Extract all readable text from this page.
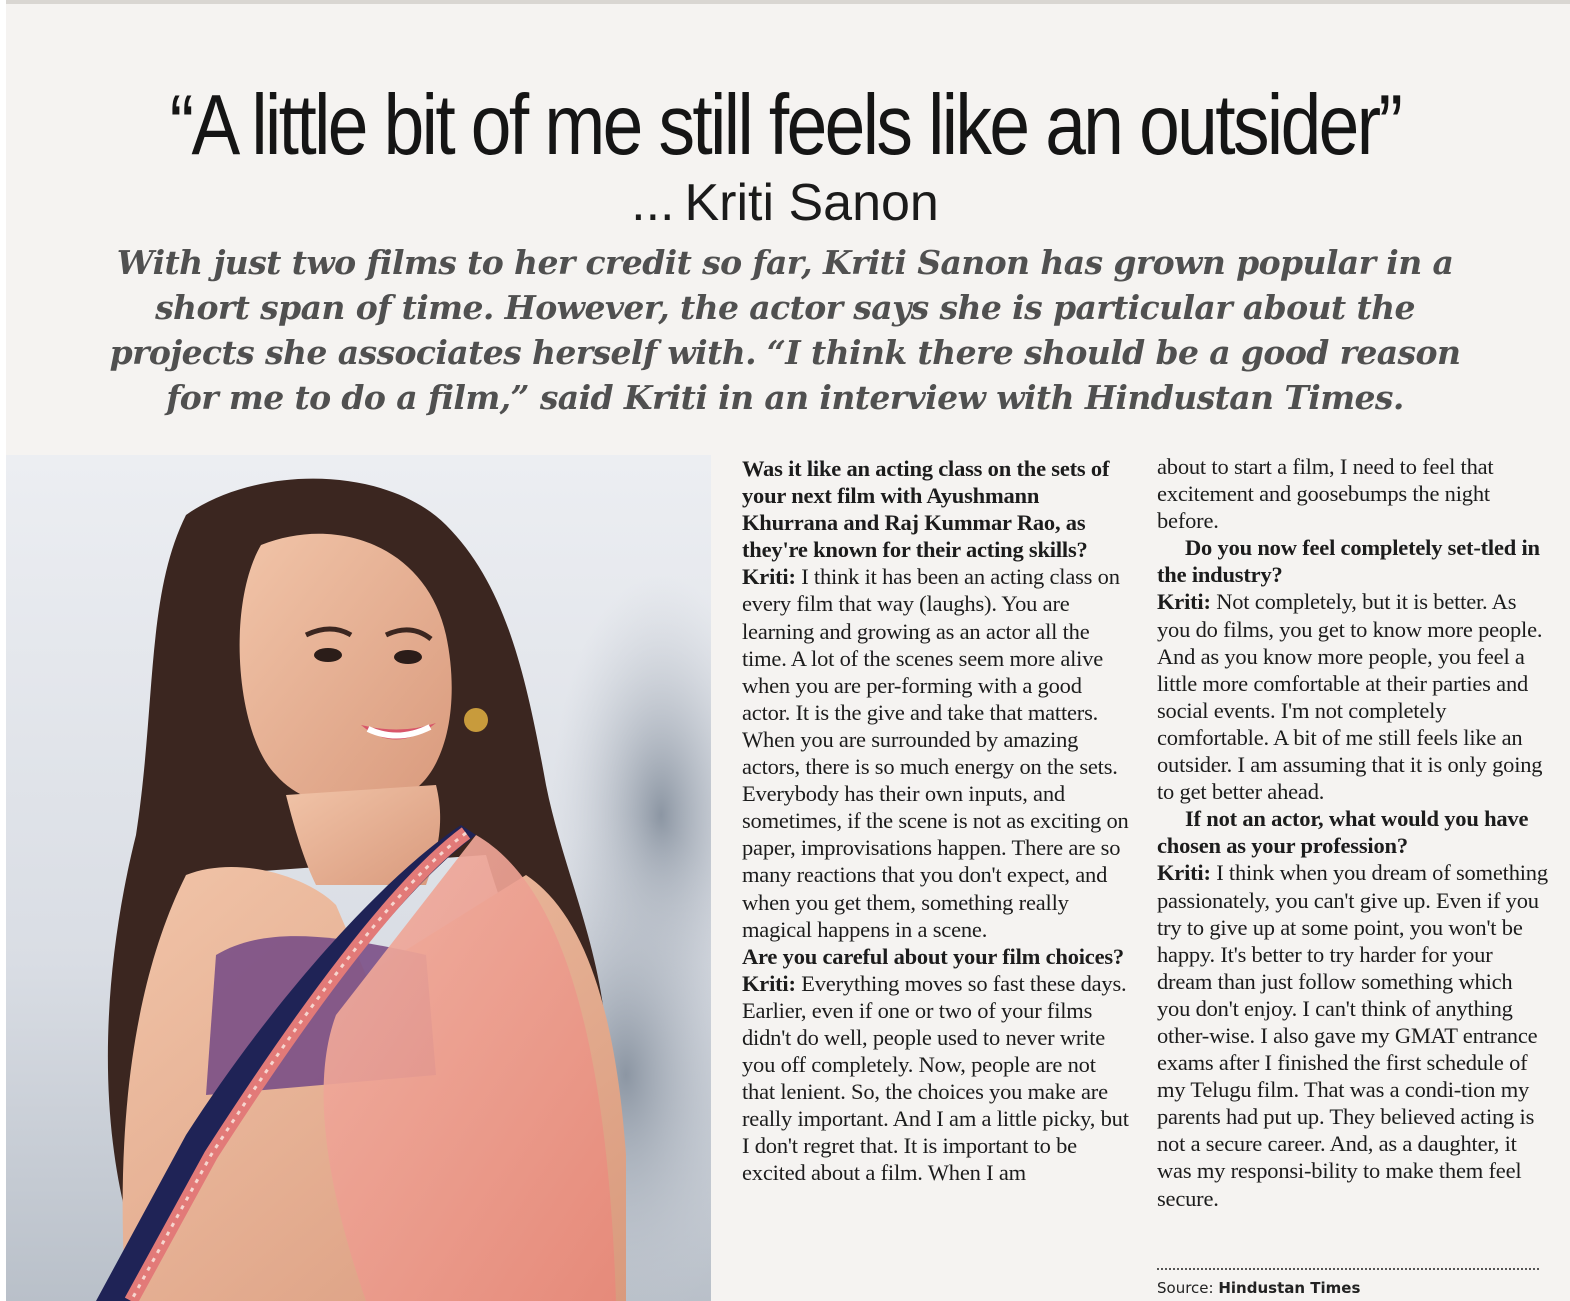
“A little bit of me still feels like an outsider”
... Kriti Sanon
With just two films to her credit so far, Kriti Sanon has grown popular in a short span of time. However, the actor says she is particular about the projects she associates herself with. “I think there should be a good reason for me to do a film,” said Kriti in an interview with Hindustan Times.

Was it like an acting class on the sets of your next film with Ayushmann Khurrana and Raj Kummar Rao, as they're known for their acting skills?

Kriti: I think it has been an acting class on every film that way (laughs). You are learning and growing as an actor all the time. A lot of the scenes seem more alive when you are per-forming with a good actor. It is the give and take that matters. When you are surrounded by amazing actors, there is so much energy on the sets. Everybody has their own inputs, and sometimes, if the scene is not as exciting on paper, improvisations happen. There are so many reactions that you don't expect, and when you get them, something really magical happens in a scene.

Are you careful about your film choices?

Kriti: Everything moves so fast these days. Earlier, even if one or two of your films didn't do well, people used to never write you off completely. Now, people are not that lenient. So, the choices you make are really important. And I am a little picky, but I don't regret that. It is important to be excited about a film. When I am

about to start a film, I need to feel that excitement and goosebumps the night before.

Do you now feel completely set-tled in the industry?

Kriti: Not completely, but it is better. As you do films, you get to know more people. And as you know more people, you feel a little more comfortable at their parties and social events. I'm not completely comfortable. A bit of me still feels like an outsider. I am assuming that it is only going to get better ahead.

If not an actor, what would you have chosen as your profession?

Kriti: I think when you dream of something passionately, you can't give up. Even if you try to give up at some point, you won't be happy. It's better to try harder for your dream than just follow something which you don't enjoy. I can't think of anything other-wise. I also gave my GMAT entrance exams after I finished the first schedule of my Telugu film. That was a condi-tion my parents had put up. They believed acting is not a secure career. And, as a daughter, it was my responsi-bility to make them feel secure.

Source: Hindustan Times
